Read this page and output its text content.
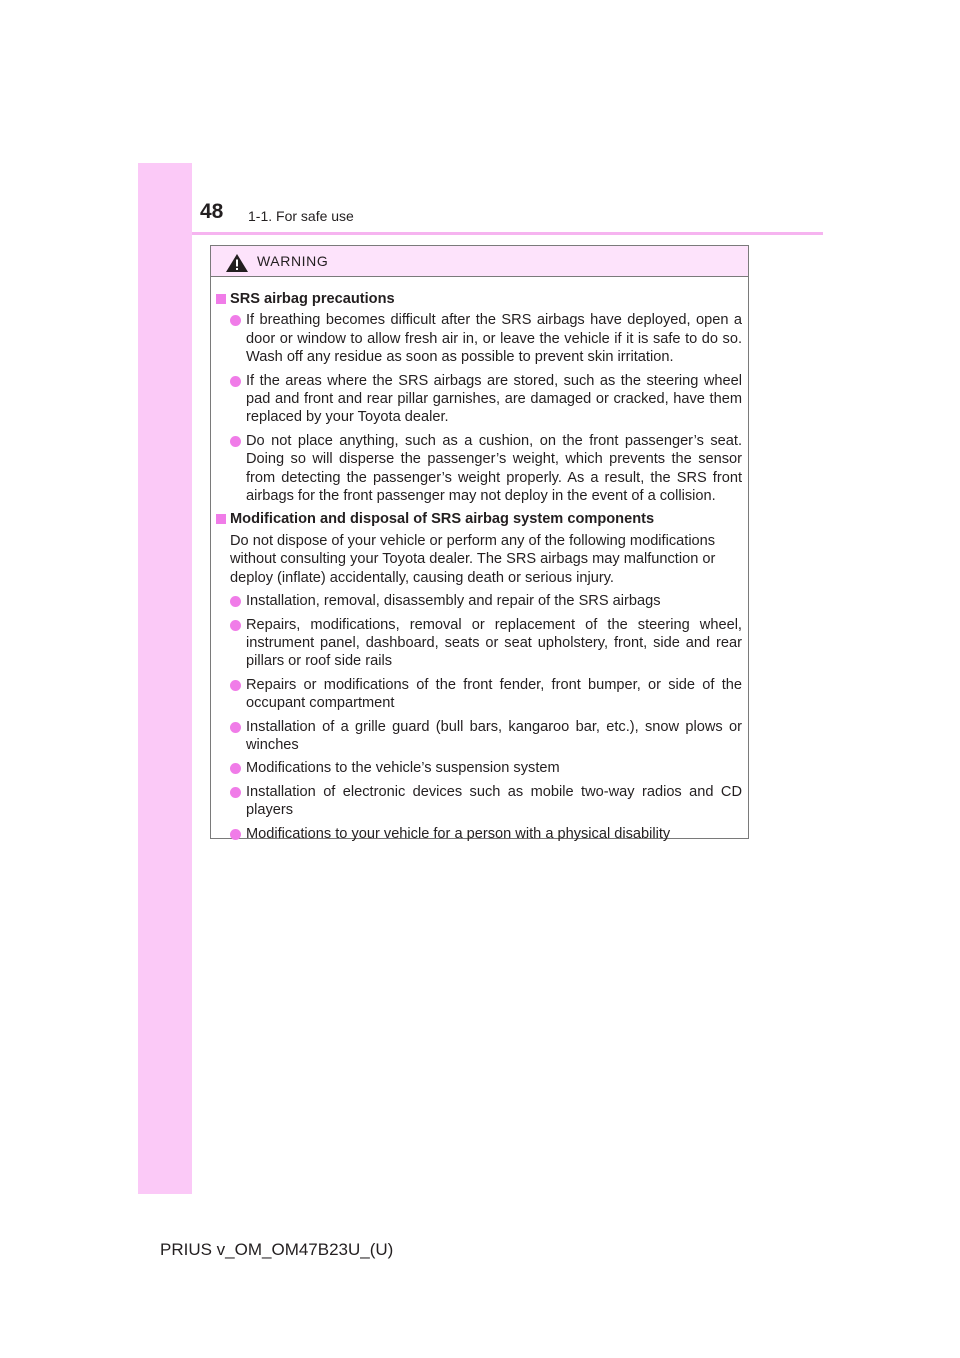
48 1-1. For safe use
WARNING
SRS airbag precautions
If breathing becomes difficult after the SRS airbags have deployed, open a door or window to allow fresh air in, or leave the vehicle if it is safe to do so. Wash off any residue as soon as possible to prevent skin irritation.
If the areas where the SRS airbags are stored, such as the steering wheel pad and front and rear pillar garnishes, are damaged or cracked, have them replaced by your Toyota dealer.
Do not place anything, such as a cushion, on the front passenger’s seat. Doing so will disperse the passenger’s weight, which prevents the sensor from detecting the passenger’s weight properly. As a result, the SRS front airbags for the front passenger may not deploy in the event of a collision.
Modification and disposal of SRS airbag system components
Do not dispose of your vehicle or perform any of the following modifications without consulting your Toyota dealer. The SRS airbags may malfunction or deploy (inflate) accidentally, causing death or serious injury.
Installation, removal, disassembly and repair of the SRS airbags
Repairs, modifications, removal or replacement of the steering wheel, instrument panel, dashboard, seats or seat upholstery, front, side and rear pillars or roof side rails
Repairs or modifications of the front fender, front bumper, or side of the occupant compartment
Installation of a grille guard (bull bars, kangaroo bar, etc.), snow plows or winches
Modifications to the vehicle’s suspension system
Installation of electronic devices such as mobile two-way radios and CD players
Modifications to your vehicle for a person with a physical disability
PRIUS v_OM_OM47B23U_(U)
